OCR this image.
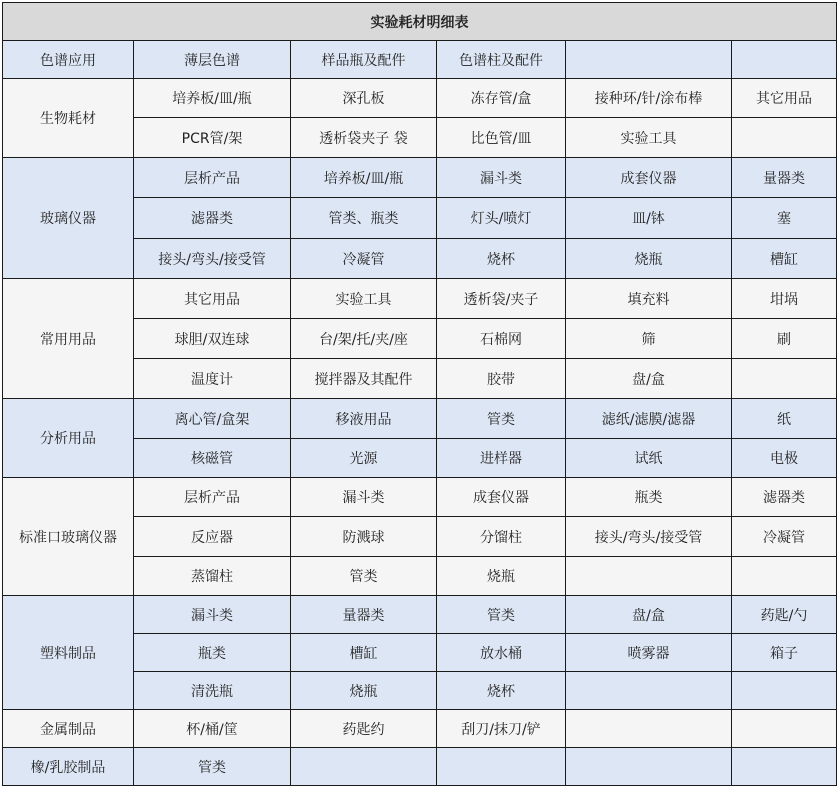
实验耗材明细表					
色谱应用	薄层色谱	样品瓶及配件	色谱柱及配件		
生物耗材	培养板/皿/瓶	深孔板	冻存管/盒	接种环/针/涂布棒	其它用品
	PCR管/架	透析袋夹子 袋	比色管/皿	实验工具	
玻璃仪器	层析产品	培养板/皿/瓶	漏斗类	成套仪器	量器类
	滤器类	管类、瓶类	灯头/喷灯	皿/钵	塞
	接头/弯头/接受管	冷凝管	烧杯	烧瓶	槽缸
常用用品	其它用品	实验工具	透析袋/夹子	填充料	坩埚
	球胆/双连球	台/架/托/夹/座	石棉网	筛	刷
	温度计	搅拌器及其配件	胶带	盘/盒	
分析用品	离心管/盒架	移液用品	管类	滤纸/滤膜/滤器	纸
	核磁管	光源	进样器	试纸	电极
标准口玻璃仪器	层析产品	漏斗类	成套仪器	瓶类	滤器类
	反应器	防溅球	分馏柱	接头/弯头/接受管	冷凝管
	蒸馏柱	管类	烧瓶		
塑料制品	漏斗类	量器类	管类	盘/盒	药匙/勺
	瓶类	槽缸	放水桶	喷雾器	箱子
	清洗瓶	烧瓶	烧杯		
金属制品	杯/桶/筐	药匙约	刮刀/抹刀/铲		
橡/乳胶制品	管类				
